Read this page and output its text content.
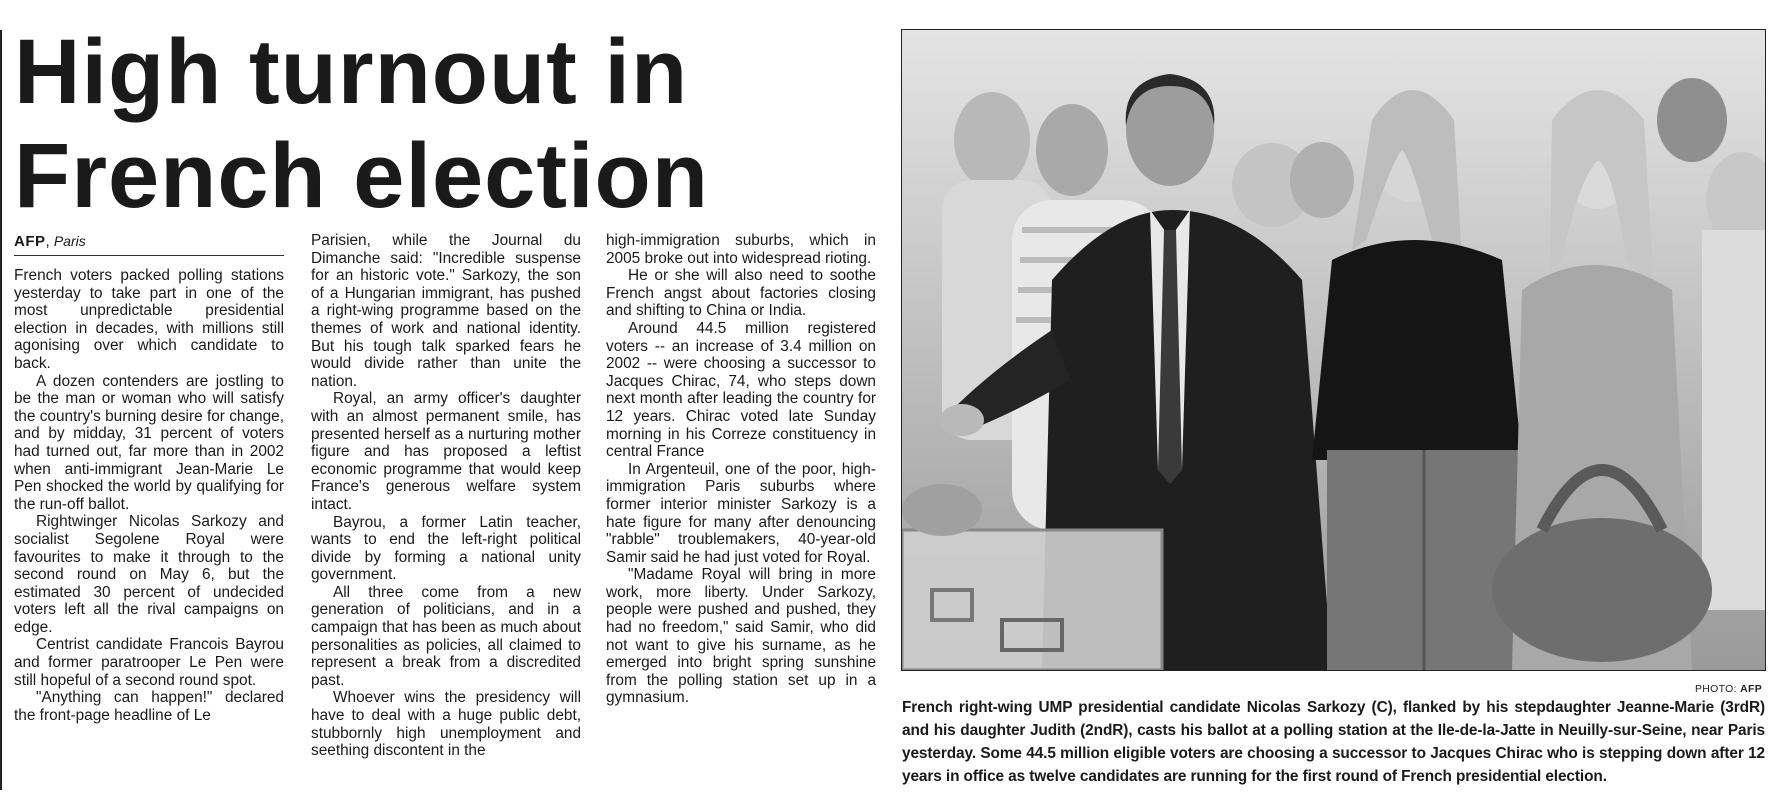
High turnout in
French election
AFP, Paris

French voters packed polling stations yesterday to take part in one of the most unpredictable presidential election in decades, with millions still agonising over which candidate to back.

A dozen contenders are jostling to be the man or woman who will satisfy the country's burning desire for change, and by midday, 31 percent of voters had turned out, far more than in 2002 when anti-immigrant Jean-Marie Le Pen shocked the world by qualifying for the run-off ballot.

Rightwinger Nicolas Sarkozy and socialist Segolene Royal were favourites to make it through to the second round on May 6, but the estimated 30 percent of undecided voters left all the rival campaigns on edge.

Centrist candidate Francois Bayrou and former paratrooper Le Pen were still hopeful of a second round spot.

"Anything can happen!" declared the front-page headline of Le

Parisien, while the Journal du Dimanche said: "Incredible suspense for an historic vote." Sarkozy, the son of a Hungarian immigrant, has pushed a right-wing programme based on the themes of work and national identity. But his tough talk sparked fears he would divide rather than unite the nation.

Royal, an army officer's daughter with an almost permanent smile, has presented herself as a nurturing mother figure and has proposed a leftist economic programme that would keep France's generous welfare system intact.

Bayrou, a former Latin teacher, wants to end the left-right political divide by forming a national unity government.

All three come from a new generation of politicians, and in a campaign that has been as much about personalities as policies, all claimed to represent a break from a discredited past.

Whoever wins the presidency will have to deal with a huge public debt, stubbornly high unemployment and seething discontent in the

high-immigration suburbs, which in 2005 broke out into widespread rioting.

He or she will also need to soothe French angst about factories closing and shifting to China or India.

Around 44.5 million registered voters -- an increase of 3.4 million on 2002 -- were choosing a successor to Jacques Chirac, 74, who steps down next month after leading the country for 12 years. Chirac voted late Sunday morning in his Correze constituency in central France

In Argenteuil, one of the poor, high-immigration Paris suburbs where former interior minister Sarkozy is a hate figure for many after denouncing "rabble" troublemakers, 40-year-old Samir said he had just voted for Royal.

"Madame Royal will bring in more work, more liberty. Under Sarkozy, people were pushed and pushed, they had no freedom," said Samir, who did not want to give his surname, as he emerged into bright spring sunshine from the polling station set up in a gymnasium.

PHOTO: AFP
French right-wing UMP presidential candidate Nicolas Sarkozy (C), flanked by his stepdaughter Jeanne-Marie (3rdR) and his daughter Judith (2ndR), casts his ballot at a polling station at the Ile-de-la-Jatte in Neuilly-sur-Seine, near Paris yesterday. Some 44.5 million eligible voters are choosing a successor to Jacques Chirac who is stepping down after 12 years in office as twelve candidates are running for the first round of French presidential election.
